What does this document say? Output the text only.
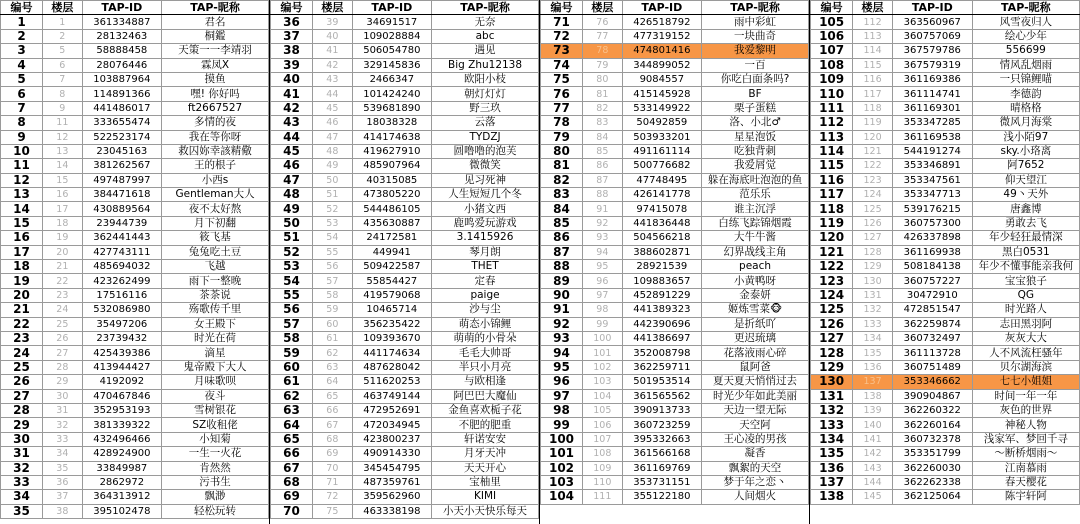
编号	楼层	TAP-ID	TAP-昵称
1	1	361334887	君名
2	2	28132463	桐鑑
3	5	58888458	天策一一李靖羽
4	6	28076446	霖凤X
5	7	103887964	摸鱼
6	8	114891366	嘿! 你好吗
7	9	441486017	ft2667527
8	11	333655474	多情的夜
9	12	522523174	我在等你呀
10	13	23045163	救囚妳幸該精儆
11	14	381262567	王的根子
12	15	497487997	小西s
13	16	384471618	Gentleman大人
14	17	430889564	夜不太好熬
15	18	23944739	月下初翻
16	19	362441443	筱飞基
17	20	427743111	兔兔吃土豆
18	21	485694032	飞越
19	22	423262499	雨下一整晚
20	23	17516116	茶茶说
21	24	532086980	殇歌传千里
22	25	35497206	女王殿下
23	26	23739432	时光在荷
24	27	425439386	滴星
25	28	413944427	鬼帝殿下大人
26	29	4192092	月味歌呗
27	30	470467846	夜斗
28	31	352953193	雪树银花
29	32	381339322	SZ收租佬
30	33	432496466	小知菊
31	34	428924900	一生一火花
32	35	33849987	肯然然
33	36	2862972	污书生
34	37	364313912	飘渺
35	38	395102478	轻松玩转
编号	楼层	TAP-ID	TAP-昵称
36	39	34691517	无奈
37	40	109028884	abc
38	41	506054780	遇见
39	42	329145836	Big Zhu12138
40	43	2466347	欧阳小枝
41	44	101424240	朝灯灯灯
42	45	539681890	野三玖
43	46	18038328	云落
44	47	414174638	TYDZJ
45	48	419627910	圆噜噜的泡芙
46	49	485907964	微微笑
47	50	40315085	见习死神
48	51	473805220	人生短短几个冬
49	52	544486105	小猪文西
50	53	435630887	鹿鸣爱玩游戏
51	54	24172581	3.1415926
52	55	449941	琴月朗
53	56	509422587	THET
54	57	55854427	定春
55	58	419579068	paige
56	59	10465714	沙与尘
57	60	356235422	萌态小锦鲤
58	61	109393670	萌萌的小骨朵
59	62	441174634	毛毛大帅哥
60	63	487628042	半只小月亮
61	64	511620253	与欧相逢
62	65	463749144	阿巴巴大魔仙
63	66	472952691	金鱼喜欢栀子花
64	67	472034945	不肥的肥重
65	68	423800237	轩诺安安
66	69	490914330	月牙天冲
67	70	345454795	天天开心
68	71	487359761	宝柚里
69	72	359562960	KIMI
70	75	463338198	小天小天快乐每天
编号	楼层	TAP-ID	TAP-昵称
71	76	426518792	雨中彩虹
72	77	477319152	一块曲奇
73	78	474801416	我爱黎明
74	79	344899052	一百
75	80	9084557	你吃白面条吗?
76	81	415145928	BF
77	82	533149922	栗子蛋糕
78	83	50492859	洛、小北♂
79	84	503933201	星星泡饭
80	85	491161114	吃独背刺
81	86	500776682	我爱屑觉
82	87	47748495	躲在海底吐泡泡的鱼
83	88	426141778	范乐乐
84	91	97415078	谁主沉浮
85	92	441836448	白练飞踪锦烟霞
86	93	504566218	大牛牛酱
87	94	388602871	幻界战线主角
88	95	28921539	peach
89	96	109883657	小黄鸭呀
90	97	452891229	金泰妍
91	98	441389323	姬炼雪菜🐵
92	99	442390696	是折纸吖
93	100	441386697	更迟琉璃
94	101	352008798	花落液雨心碎
95	102	362259711	鼠阿爸
96	103	501953514	夏天夏天悄悄过去
97	104	361565562	时光少年如此美丽
98	105	390913733	天边一望无际
99	106	360723259	天空阿
100	107	395332663	王心凌的男孩
101	108	361566168	凝香
102	109	361169769	飘絮的天空
103	110	353731151	梦于年之恋丶
104	111	355122180	人间烟火
编号	楼层	TAP-ID	TAP-昵称
105	112	363560967	风雪夜归人
106	113	360757069	绘心少年
107	114	367579786	556699
108	115	367579319	情风乱烟雨
109	116	361169386	一只锦鲤喵
110	117	361114741	李德韵
111	118	361169301	晴格格
112	119	353347285	微风月海棠
113	120	361169538	浅小陌97
114	121	544191274	sky.小珞离
115	122	353346891	阿7652
116	123	353347561	仰天望江
117	124	353347713	49丶天外
118	125	539176215	唐鑫博
119	126	360757300	勇敢去飞
120	127	426337898	年少轻狂最情深
121	128	361169938	黑白0531
122	129	508184138	年少不懂事能亲我何
123	130	360757227	宝宝狼子
124	131	30472910	QG
125	132	472851547	时光路人
126	133	362259874	志田黑羽阿
127	134	360732497	灰灰大大
128	135	361113728	人不风流枉骚年
129	136	360751489	贝尔湖海滨
130	137	353346662	七七小姐姐
131	138	390904867	时间一年一年
132	139	362260322	灰色的世界
133	140	362260164	神秘人物
134	141	360732378	浅家军、梦回千寻
135	142	353351799	〜断桥烟雨〜
136	143	362260030	江南慕雨
137	144	362262338	春天樱花
138	145	362125064	陈宇轩阿
